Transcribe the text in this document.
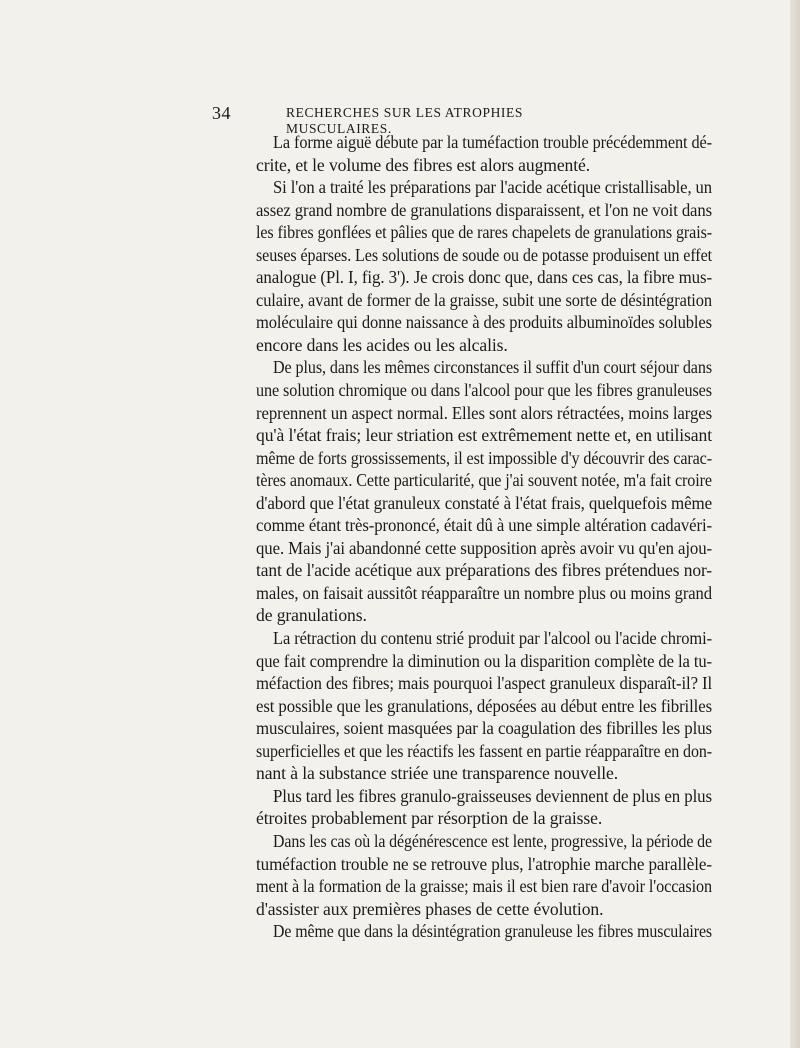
34	RECHERCHES SUR LES ATROPHIES MUSCULAIRES.
La forme aiguë débute par la tuméfaction trouble précédemment dé-
crite, et le volume des fibres est alors augmenté.
Si l'on a traité les préparations par l'acide acétique cristallisable, un
assez grand nombre de granulations disparaissent, et l'on ne voit dans
les fibres gonflées et pâlies que de rares chapelets de granulations grais-
seuses éparses. Les solutions de soude ou de potasse produisent un effet
analogue (Pl. I, fig. 3'). Je crois donc que, dans ces cas, la fibre mus-
culaire, avant de former de la graisse, subit une sorte de désintégration
moléculaire qui donne naissance à des produits albuminoïdes solubles
encore dans les acides ou les alcalis.
De plus, dans les mêmes circonstances il suffit d'un court séjour dans
une solution chromique ou dans l'alcool pour que les fibres granuleuses
reprennent un aspect normal. Elles sont alors rétractées, moins larges
qu'à l'état frais; leur striation est extrêmement nette et, en utilisant
même de forts grossissements, il est impossible d'y découvrir des carac-
tères anomaux. Cette particularité, que j'ai souvent notée, m'a fait croire
d'abord que l'état granuleux constaté à l'état frais, quelquefois même
comme étant très-prononcé, était dû à une simple altération cadavéri-
que. Mais j'ai abandonné cette supposition après avoir vu qu'en ajou-
tant de l'acide acétique aux préparations des fibres prétendues nor-
males, on faisait aussitôt réapparaître un nombre plus ou moins grand
de granulations.
La rétraction du contenu strié produit par l'alcool ou l'acide chromi-
que fait comprendre la diminution ou la disparition complète de la tu-
méfaction des fibres; mais pourquoi l'aspect granuleux disparaît-il? Il
est possible que les granulations, déposées au début entre les fibrilles
musculaires, soient masquées par la coagulation des fibrilles les plus
superficielles et que les réactifs les fassent en partie réapparaître en don-
nant à la substance striée une transparence nouvelle.
Plus tard les fibres granulo-graisseuses deviennent de plus en plus
étroites probablement par résorption de la graisse.
Dans les cas où la dégénérescence est lente, progressive, la période de
tuméfaction trouble ne se retrouve plus, l'atrophie marche parallèle-
ment à la formation de la graisse; mais il est bien rare d'avoir l'occasion
d'assister aux premières phases de cette évolution.
De même que dans la désintégration granuleuse les fibres musculaires
